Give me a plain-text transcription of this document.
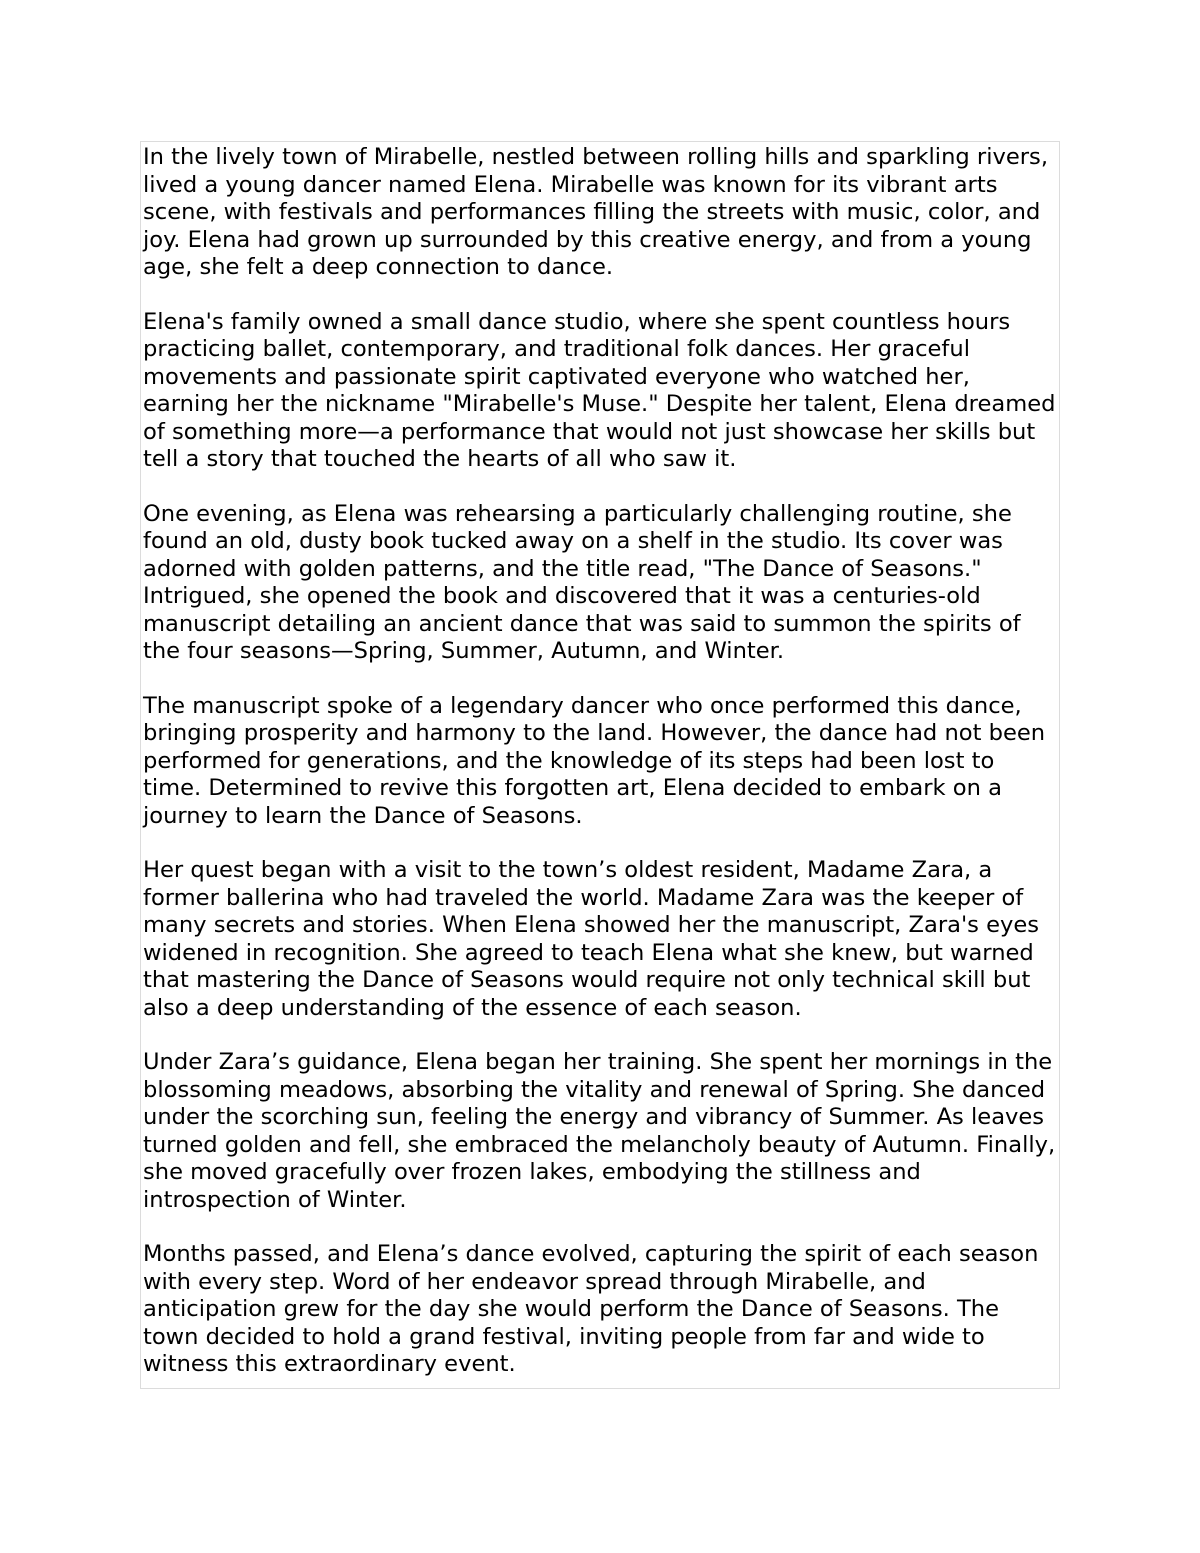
In the lively town of Mirabelle, nestled between rolling hills and sparkling rivers, lived a young dancer named Elena. Mirabelle was known for its vibrant arts scene, with festivals and performances filling the streets with music, color, and joy. Elena had grown up surrounded by this creative energy, and from a young age, she felt a deep connection to dance.

Elena's family owned a small dance studio, where she spent countless hours practicing ballet, contemporary, and traditional folk dances. Her graceful movements and passionate spirit captivated everyone who watched her, earning her the nickname "Mirabelle's Muse." Despite her talent, Elena dreamed of something more—a performance that would not just showcase her skills but tell a story that touched the hearts of all who saw it.

One evening, as Elena was rehearsing a particularly challenging routine, she found an old, dusty book tucked away on a shelf in the studio. Its cover was adorned with golden patterns, and the title read, "The Dance of Seasons." Intrigued, she opened the book and discovered that it was a centuries-old manuscript detailing an ancient dance that was said to summon the spirits of the four seasons—Spring, Summer, Autumn, and Winter.

The manuscript spoke of a legendary dancer who once performed this dance, bringing prosperity and harmony to the land. However, the dance had not been performed for generations, and the knowledge of its steps had been lost to time. Determined to revive this forgotten art, Elena decided to embark on a journey to learn the Dance of Seasons.

Her quest began with a visit to the town’s oldest resident, Madame Zara, a former ballerina who had traveled the world. Madame Zara was the keeper of many secrets and stories. When Elena showed her the manuscript, Zara's eyes widened in recognition. She agreed to teach Elena what she knew, but warned that mastering the Dance of Seasons would require not only technical skill but also a deep understanding of the essence of each season.

Under Zara’s guidance, Elena began her training. She spent her mornings in the blossoming meadows, absorbing the vitality and renewal of Spring. She danced under the scorching sun, feeling the energy and vibrancy of Summer. As leaves turned golden and fell, she embraced the melancholy beauty of Autumn. Finally, she moved gracefully over frozen lakes, embodying the stillness and introspection of Winter.

Months passed, and Elena’s dance evolved, capturing the spirit of each season with every step. Word of her endeavor spread through Mirabelle, and anticipation grew for the day she would perform the Dance of Seasons. The town decided to hold a grand festival, inviting people from far and wide to witness this extraordinary event.
